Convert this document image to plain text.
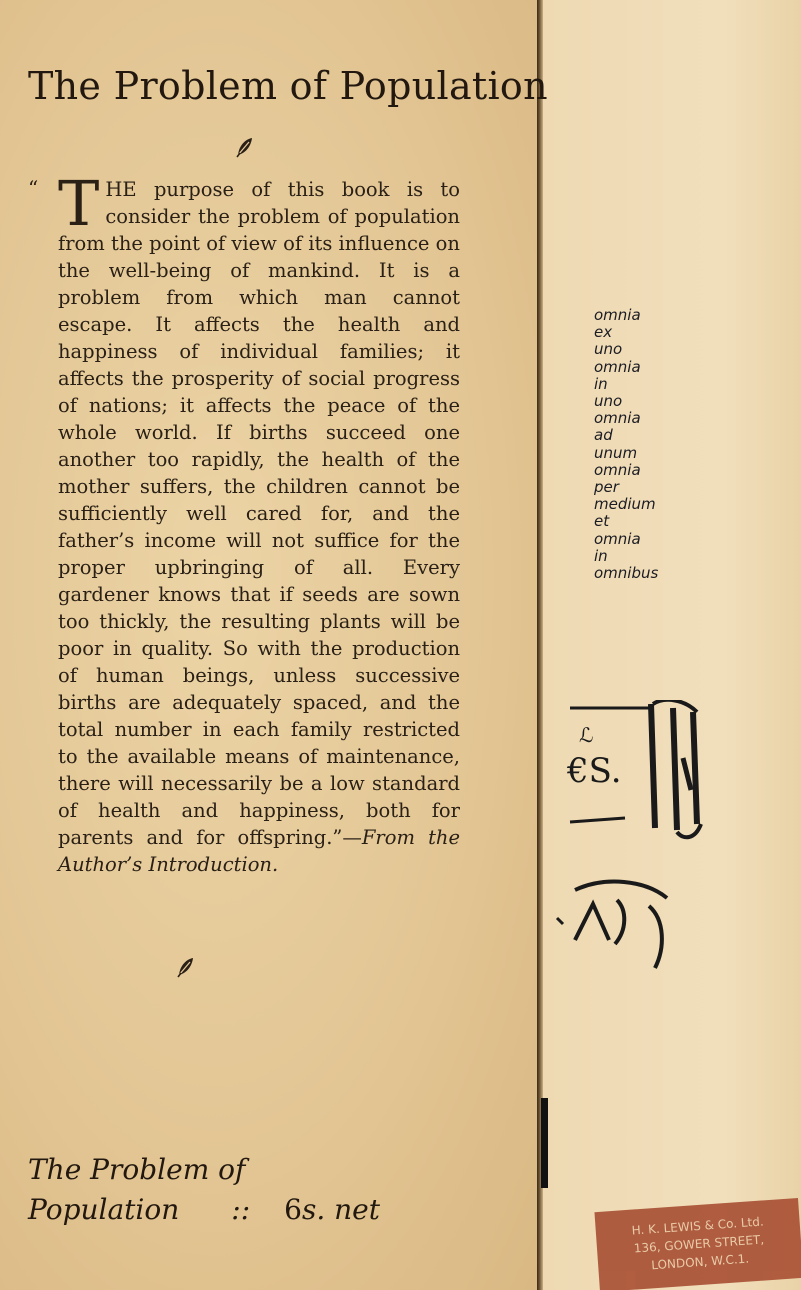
The Problem of Population
“ THE purpose of this book is to consider the problem of population from the point of view of its influence on the well-being of mankind. It is a problem from which man cannot escape. It affects the health and happiness of individual families; it affects the prosperity of social progress of nations; it affects the peace of the whole world. If births succeed one another too rapidly, the health of the mother suffers, the children cannot be sufficiently well cared for, and the father’s income will not suffice for the proper upbringing of all. Every gardener knows that if seeds are sown too thickly, the resulting plants will be poor in quality. So with the production of human beings, unless successive births are adequately spaced, and the total number in each family restricted to the available means of maintenance, there will necessarily be a low standard of health and happiness, both for parents and for offspring.”—From the Author’s Introduction.

The Problem of
Population :: 6s. net
omnia
ex
uno
omnia
in
uno
omnia
ad
unum
omnia
per
medium
et
omnia
in
omnibus
€S.
ℒ
H. K. LEWIS & Co. Ltd.
136, GOWER STREET,
LONDON, W.C.1.
